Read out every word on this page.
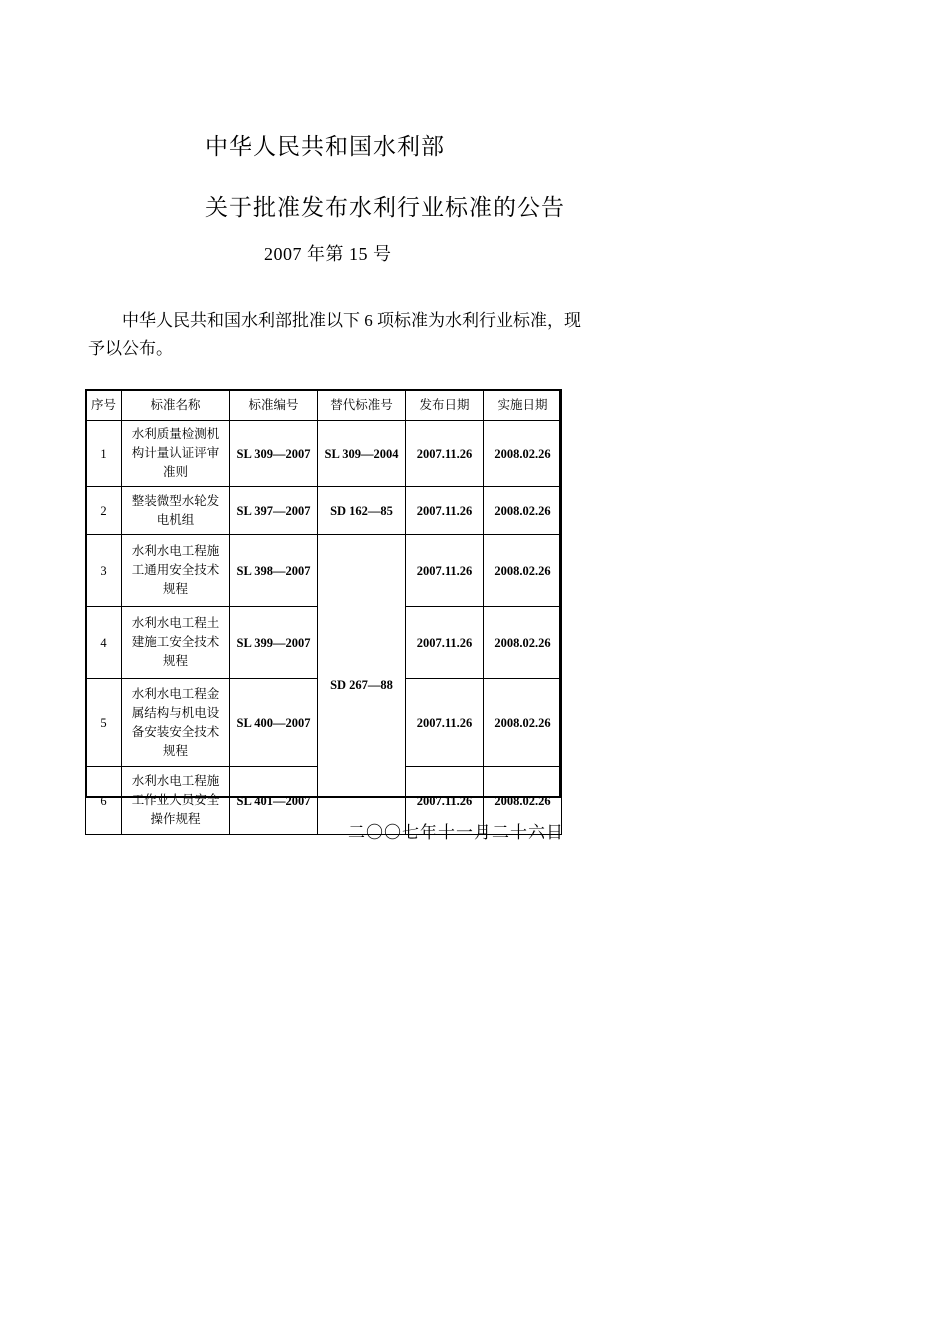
中华人民共和国水利部
关于批准发布水利行业标准的公告
2007 年第 15 号
中华人民共和国水利部批准以下 6 项标准为水利行业标准，现予以公布。
序号	标准名称	标准编号	替代标准号	发布日期	实施日期
1	水利质量检测机构计量认证评审准则	SL 309—2007	SL 309—2004	2007.11.26	2008.02.26
2	整装微型水轮发电机组	SL 397—2007	SD 162—85	2007.11.26	2008.02.26
3	水利水电工程施工通用安全技术规程	SL 398—2007	SD 267—88	2007.11.26	2008.02.26
4	水利水电工程土建施工安全技术规程	SL 399—2007		2007.11.26	2008.02.26
5	水利水电工程金属结构与机电设备安装安全技术规程	SL 400—2007		2007.11.26	2008.02.26
6	水利水电工程施工作业人员安全操作规程	SL 401—2007		2007.11.26	2008.02.26
二〇〇七年十一月二十六日
